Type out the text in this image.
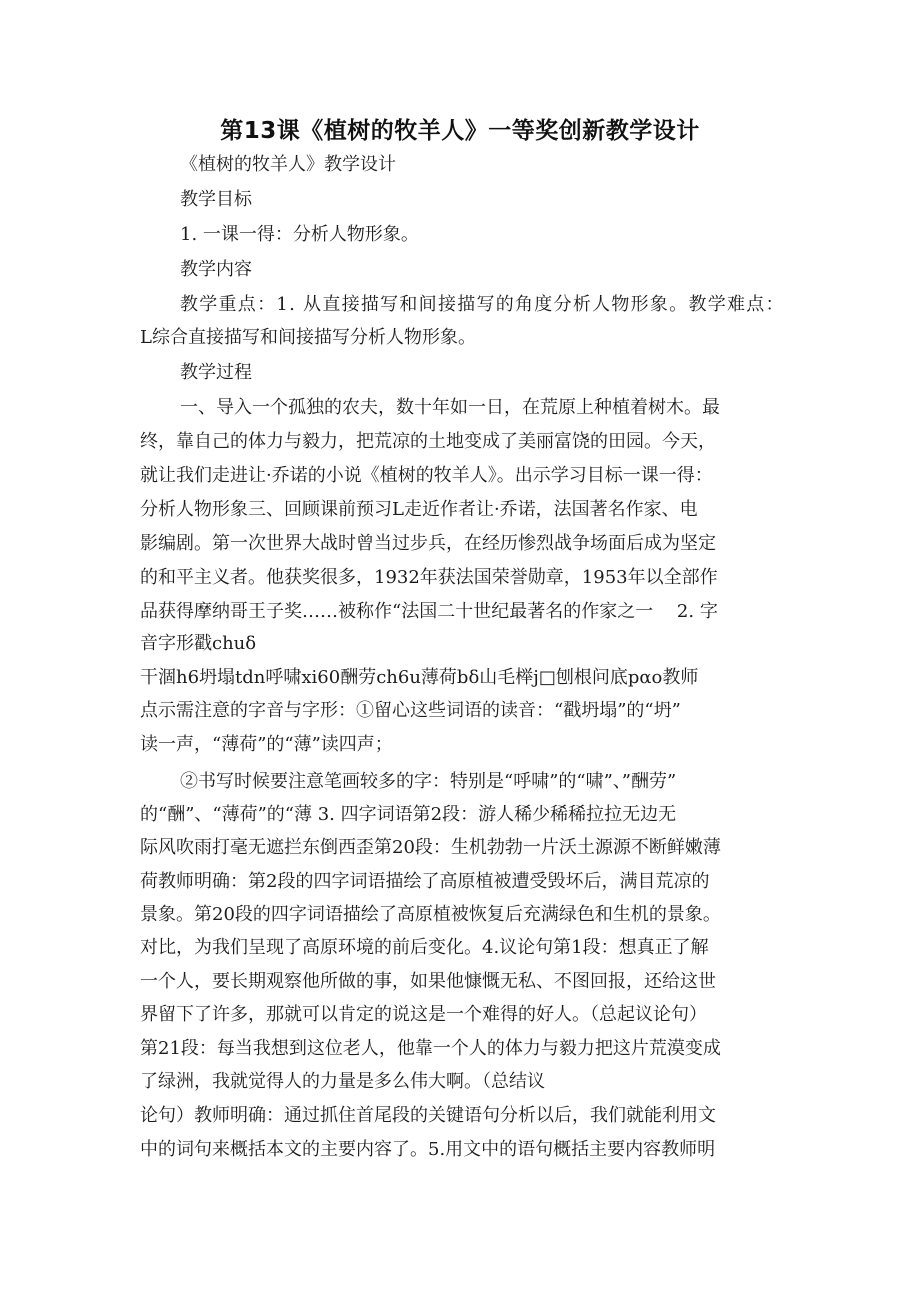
第13课《植树的牧羊人》一等奖创新教学设计
《植树的牧羊人》教学设计
教学目标
1. 一课一得：分析人物形象。
教学内容
教学重点：1. 从直接描写和间接描写的角度分析人物形象。教学难点：
L综合直接描写和间接描写分析人物形象。
教学过程
一、导入一个孤独的农夫，数十年如一日，在荒原上种植着树木。最
终，靠自己的体力与毅力，把荒凉的土地变成了美丽富饶的田园。今天，
就让我们走进让·乔诺的小说《植树的牧羊人》。出示学习目标一课一得：
分析人物形象三、回顾课前预习L走近作者让·乔诺，法国著名作家、电
影编剧。第一次世界大战时曾当过步兵，在经历惨烈战争场面后成为坚定
的和平主义者。他获奖很多，1932年获法国荣誉勋章，1953年以全部作
品获得摩纳哥王子奖……被称作“法国二十世纪最著名的作家之一　 2. 字
音字形戳chuδ
干涸h6坍塌tdn呼啸xi60酬劳ch6u薄荷bδ山毛榉j□刨根问底pαo教师
点示需注意的字音与字形：①留心这些词语的读音：“戳坍塌”的“坍”
读一声，“薄荷”的“薄”读四声；
②书写时候要注意笔画较多的字：特别是“呼啸”的“啸”、”酬劳”
的“酬”、“薄荷”的“薄 3. 四字词语第2段：游人稀少稀稀拉拉无边无
际风吹雨打毫无遮拦东倒西歪第20段：生机勃勃一片沃土源源不断鲜嫩薄
荷教师明确：第2段的四字词语描绘了高原植被遭受毁坏后，满目荒凉的
景象。第20段的四字词语描绘了高原植被恢复后充满绿色和生机的景象。
对比，为我们呈现了高原环境的前后变化。4.议论句第1段：想真正了解
一个人，要长期观察他所做的事，如果他慷慨无私、不图回报，还给这世
界留下了许多，那就可以肯定的说这是一个难得的好人。（总起议论句）
第21段：每当我想到这位老人，他靠一个人的体力与毅力把这片荒漠变成
了绿洲，我就觉得人的力量是多么伟大啊。（总结议
论句）教师明确：通过抓住首尾段的关键语句分析以后，我们就能利用文
中的词句来概括本文的主要内容了。5.用文中的语句概括主要内容教师明
